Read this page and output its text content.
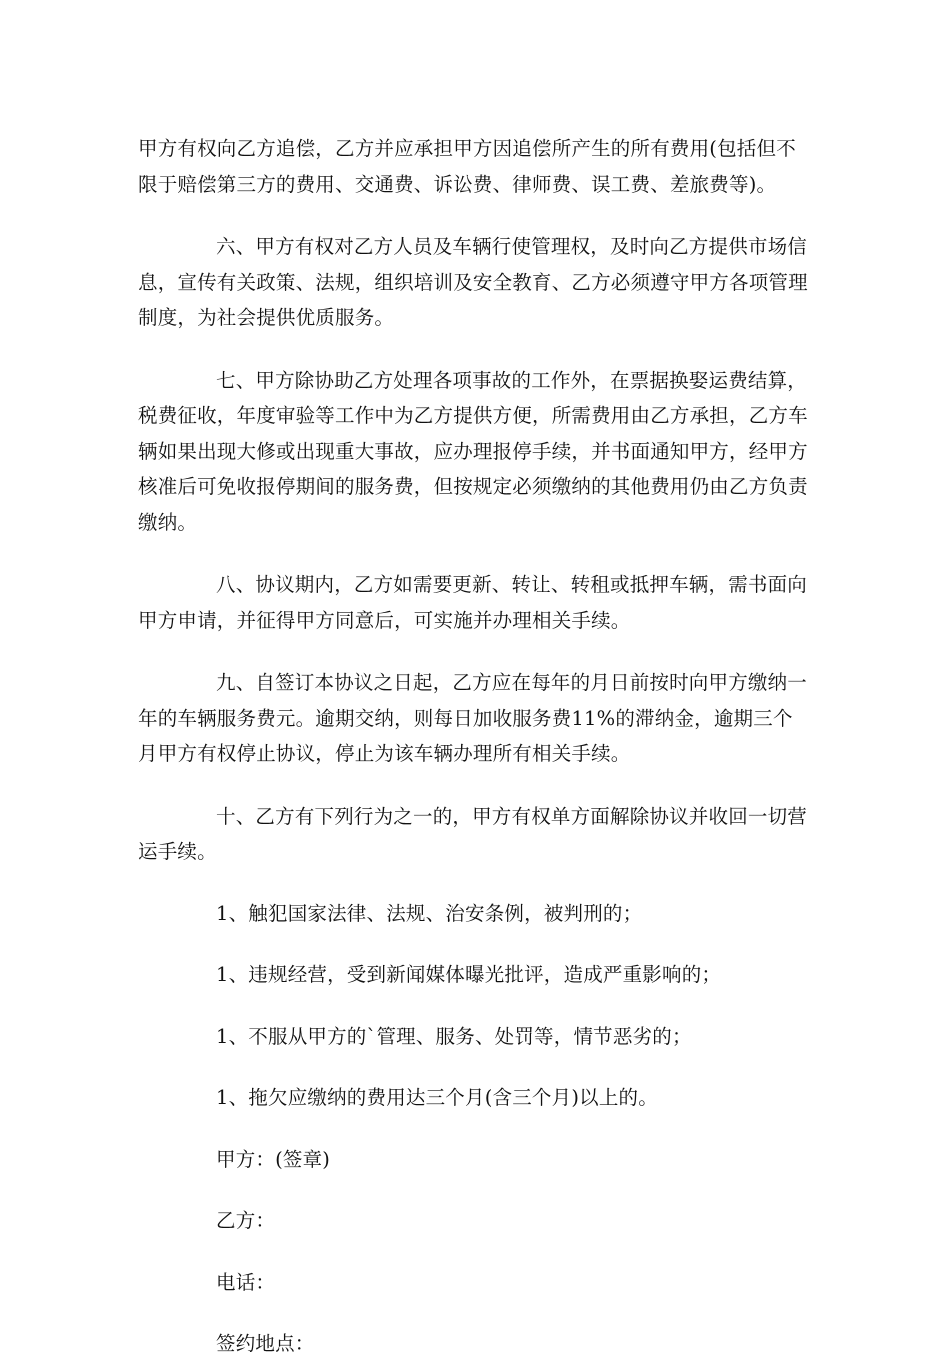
甲方有权向乙方追偿，乙方并应承担甲方因追偿所产生的所有费用(包括但不限于赔偿第三方的费用、交通费、诉讼费、律师费、误工费、差旅费等)。

六、甲方有权对乙方人员及车辆行使管理权，及时向乙方提供市场信息，宣传有关政策、法规，组织培训及安全教育、乙方必须遵守甲方各项管理制度，为社会提供优质服务。

七、甲方除协助乙方处理各项事故的工作外，在票据换娶运费结算，税费征收，年度审验等工作中为乙方提供方便，所需费用由乙方承担，乙方车辆如果出现大修或出现重大事故，应办理报停手续，并书面通知甲方，经甲方核准后可免收报停期间的服务费，但按规定必须缴纳的其他费用仍由乙方负责缴纳。

八、协议期内，乙方如需要更新、转让、转租或抵押车辆，需书面向甲方申请，并征得甲方同意后，可实施并办理相关手续。

九、自签订本协议之日起，乙方应在每年的月日前按时向甲方缴纳一年的车辆服务费元。逾期交纳，则每日加收服务费11%的滞纳金，逾期三个月甲方有权停止协议，停止为该车辆办理所有相关手续。

十、乙方有下列行为之一的，甲方有权单方面解除协议并收回一切营运手续。

1、触犯国家法律、法规、治安条例，被判刑的；

1、违规经营，受到新闻媒体曝光批评，造成严重影响的；

1、不服从甲方的`管理、服务、处罚等，情节恶劣的；

1、拖欠应缴纳的费用达三个月(含三个月)以上的。

甲方：(签章)

乙方：

电话：

签约地点：
